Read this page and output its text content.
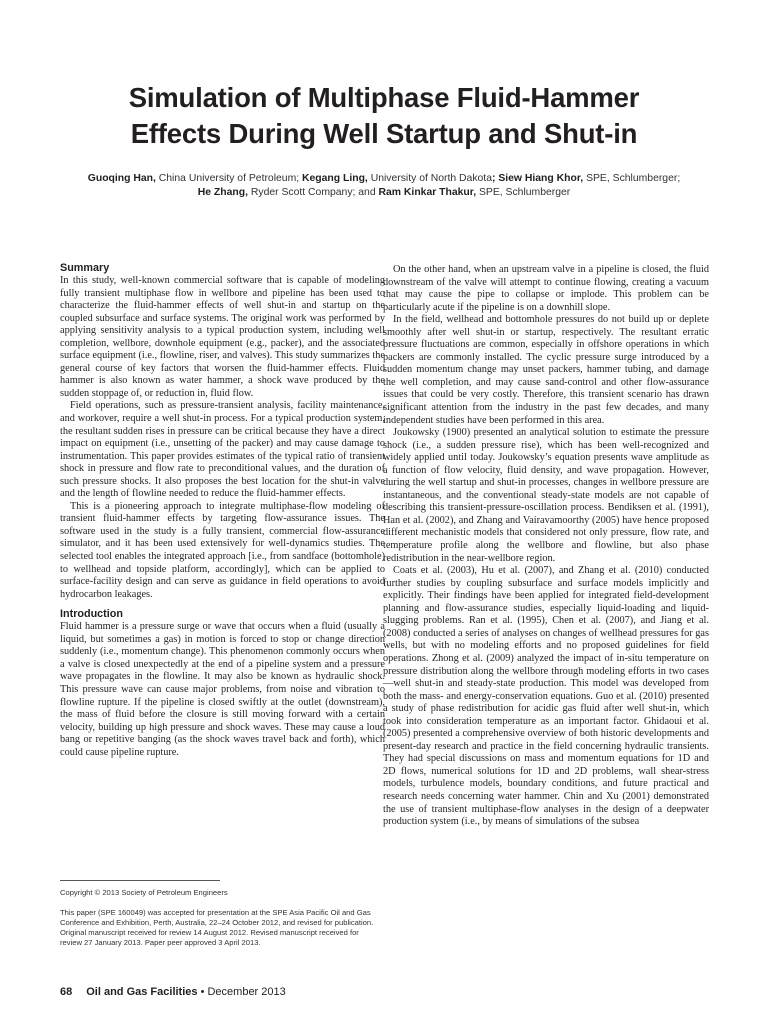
Simulation of Multiphase Fluid-Hammer
Effects During Well Startup and Shut-in
Guoqing Han, China University of Petroleum; Kegang Ling, University of North Dakota; Siew Hiang Khor, SPE, Schlumberger;
He Zhang, Ryder Scott Company; and Ram Kinkar Thakur, SPE, Schlumberger
Summary

In this study, well-known commercial software that is capable of modeling fully transient multiphase flow in wellbore and pipeline has been used to characterize the fluid-hammer effects of well shut-in and startup on the coupled subsurface and surface systems. The original work was performed by applying sensitivity analysis to a typical production system, including well completion, wellbore, downhole equipment (e.g., packer), and the associated surface equipment (i.e., flowline, riser, and valves). This study summarizes the general course of key factors that worsen the fluid-hammer effects. Fluid hammer is also known as water hammer, a shock wave produced by the sudden stoppage of, or reduction in, fluid flow.

Field operations, such as pressure-transient analysis, facility maintenance, and workover, require a well shut-in process. For a typical production system, the resultant sudden rises in pressure can be critical because they have a direct impact on equipment (i.e., unsetting of the packer) and may cause damage to instrumentation. This paper provides estimates of the typical ratio of transient shock in pressure and flow rate to preconditional values, and the duration of such pressure shocks. It also proposes the best location for the shut-in valve and the length of flowline needed to reduce the fluid-hammer effects.

This is a pioneering approach to integrate multiphase-flow modeling of transient fluid-hammer effects by targeting flow-assurance issues. The software used in the study is a fully transient, commercial flow-assurance simulator, and it has been used extensively for well-dynamics studies. The selected tool enables the integrated approach [i.e., from sandface (bottomhole) to wellhead and topside platform, accordingly], which can be applied to surface-facility design and can serve as guidance in field operations to avoid hydrocarbon leakages.

Introduction

Fluid hammer is a pressure surge or wave that occurs when a fluid (usually a liquid, but sometimes a gas) in motion is forced to stop or change direction suddenly (i.e., momentum change). This phenomenon commonly occurs when a valve is closed unexpectedly at the end of a pipeline system and a pressure wave propagates in the flowline. It may also be known as hydraulic shock. This pressure wave can cause major problems, from noise and vibration to flowline rupture. If the pipeline is closed swiftly at the outlet (downstream), the mass of fluid before the closure is still moving forward with a certain velocity, building up high pressure and shock waves. These may cause a loud bang or repetitive banging (as the shock waves travel back and forth), which could cause pipeline rupture.

On the other hand, when an upstream valve in a pipeline is closed, the fluid downstream of the valve will attempt to continue flowing, creating a vacuum that may cause the pipe to collapse or implode. This problem can be particularly acute if the pipeline is on a downhill slope.

In the field, wellhead and bottomhole pressures do not build up or deplete smoothly after well shut-in or startup, respectively. The resultant erratic pressure fluctuations are common, especially in offshore operations in which packers are commonly installed. The cyclic pressure surge introduced by a sudden momentum change may unset packers, hammer tubing, and damage the well completion, and may cause sand-control and other flow-assurance issues that could be very costly. Therefore, this transient scenario has drawn significant attention from the industry in the past few decades, and many independent studies have been performed in this area.

Joukowsky (1900) presented an analytical solution to estimate the pressure shock (i.e., a sudden pressure rise), which has been well-recognized and widely applied until today. Joukowsky’s equation presents wave amplitude as a function of flow velocity, fluid density, and wave propagation. However, during the well startup and shut-in processes, changes in wellbore pressure are instantaneous, and the conventional steady-state models are not capable of describing this transient-pressure-oscillation process. Bendiksen et al. (1991), Han et al. (2002), and Zhang and Vairavamoorthy (2005) have hence proposed different mechanistic models that considered not only pressure, flow rate, and temperature profile along the wellbore and flowline, but also phase redistribution in the near-wellbore region.

Coats et al. (2003), Hu et al. (2007), and Zhang et al. (2010) conducted further studies by coupling subsurface and surface models implicitly and explicitly. Their findings have been applied for integrated field-development planning and flow-assurance studies, especially liquid-loading and liquid-slugging problems. Ran et al. (1995), Chen et al. (2007), and Jiang et al. (2008) conducted a series of analyses on changes of wellhead pressures for gas wells, but with no modeling efforts and no proposed guidelines for field operations. Zhong et al. (2009) analyzed the impact of in-situ temperature on pressure distribution along the wellbore through modeling efforts in two cases—well shut-in and steady-state production. This model was developed from both the mass- and energy-conservation equations. Guo et al. (2010) presented a study of phase redistribution for acidic gas fluid after well shut-in, which took into consideration temperature as an important factor. Ghidaoui et al. (2005) presented a comprehensive overview of both historic developments and present-day research and practice in the field concerning hydraulic transients. They had special discussions on mass and momentum equations for 1D and 2D flows, numerical solutions for 1D and 2D problems, wall shear-stress models, turbulence models, boundary conditions, and future practical and research needs concerning water hammer. Chin and Xu (2001) demonstrated the use of transient multiphase-flow analyses in the design of a deepwater production system (i.e., by means of simulations of the subsea

Copyright © 2013 Society of Petroleum Engineers
This paper (SPE 160049) was accepted for presentation at the SPE Asia Pacific Oil and Gas Conference and Exhibition, Perth, Australia, 22–24 October 2012, and revised for publication. Original manuscript received for review 14 August 2012. Revised manuscript received for review 27 January 2013. Paper peer approved 3 April 2013.
68 Oil and Gas Facilities • December 2013
